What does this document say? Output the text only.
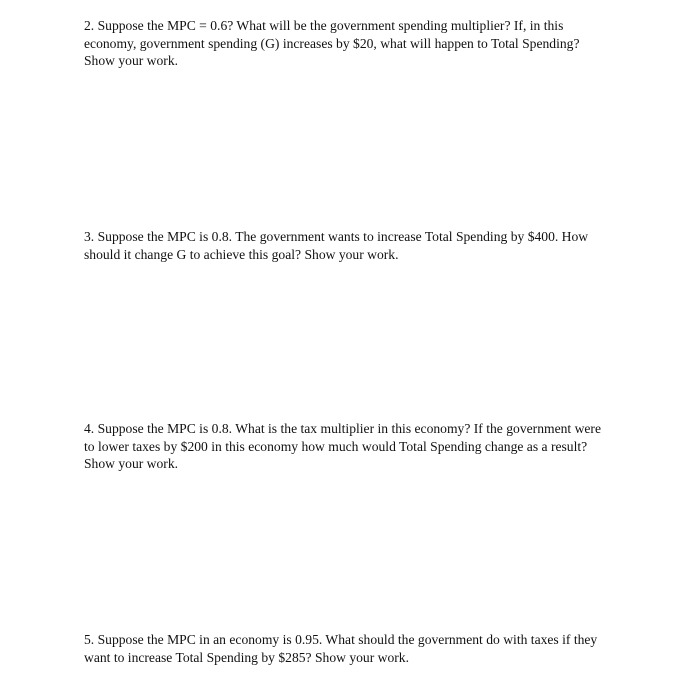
2. Suppose the MPC = 0.6? What will be the government spending multiplier? If, in this
economy, government spending (G) increases by $20, what will happen to Total Spending?
Show your work.

3. Suppose the MPC is 0.8. The government wants to increase Total Spending by $400. How
should it change G to achieve this goal? Show your work.

4. Suppose the MPC is 0.8. What is the tax multiplier in this economy? If the government were
to lower taxes by $200 in this economy how much would Total Spending change as a result?
Show your work.

5. Suppose the MPC in an economy is 0.95. What should the government do with taxes if they
want to increase Total Spending by $285? Show your work.
